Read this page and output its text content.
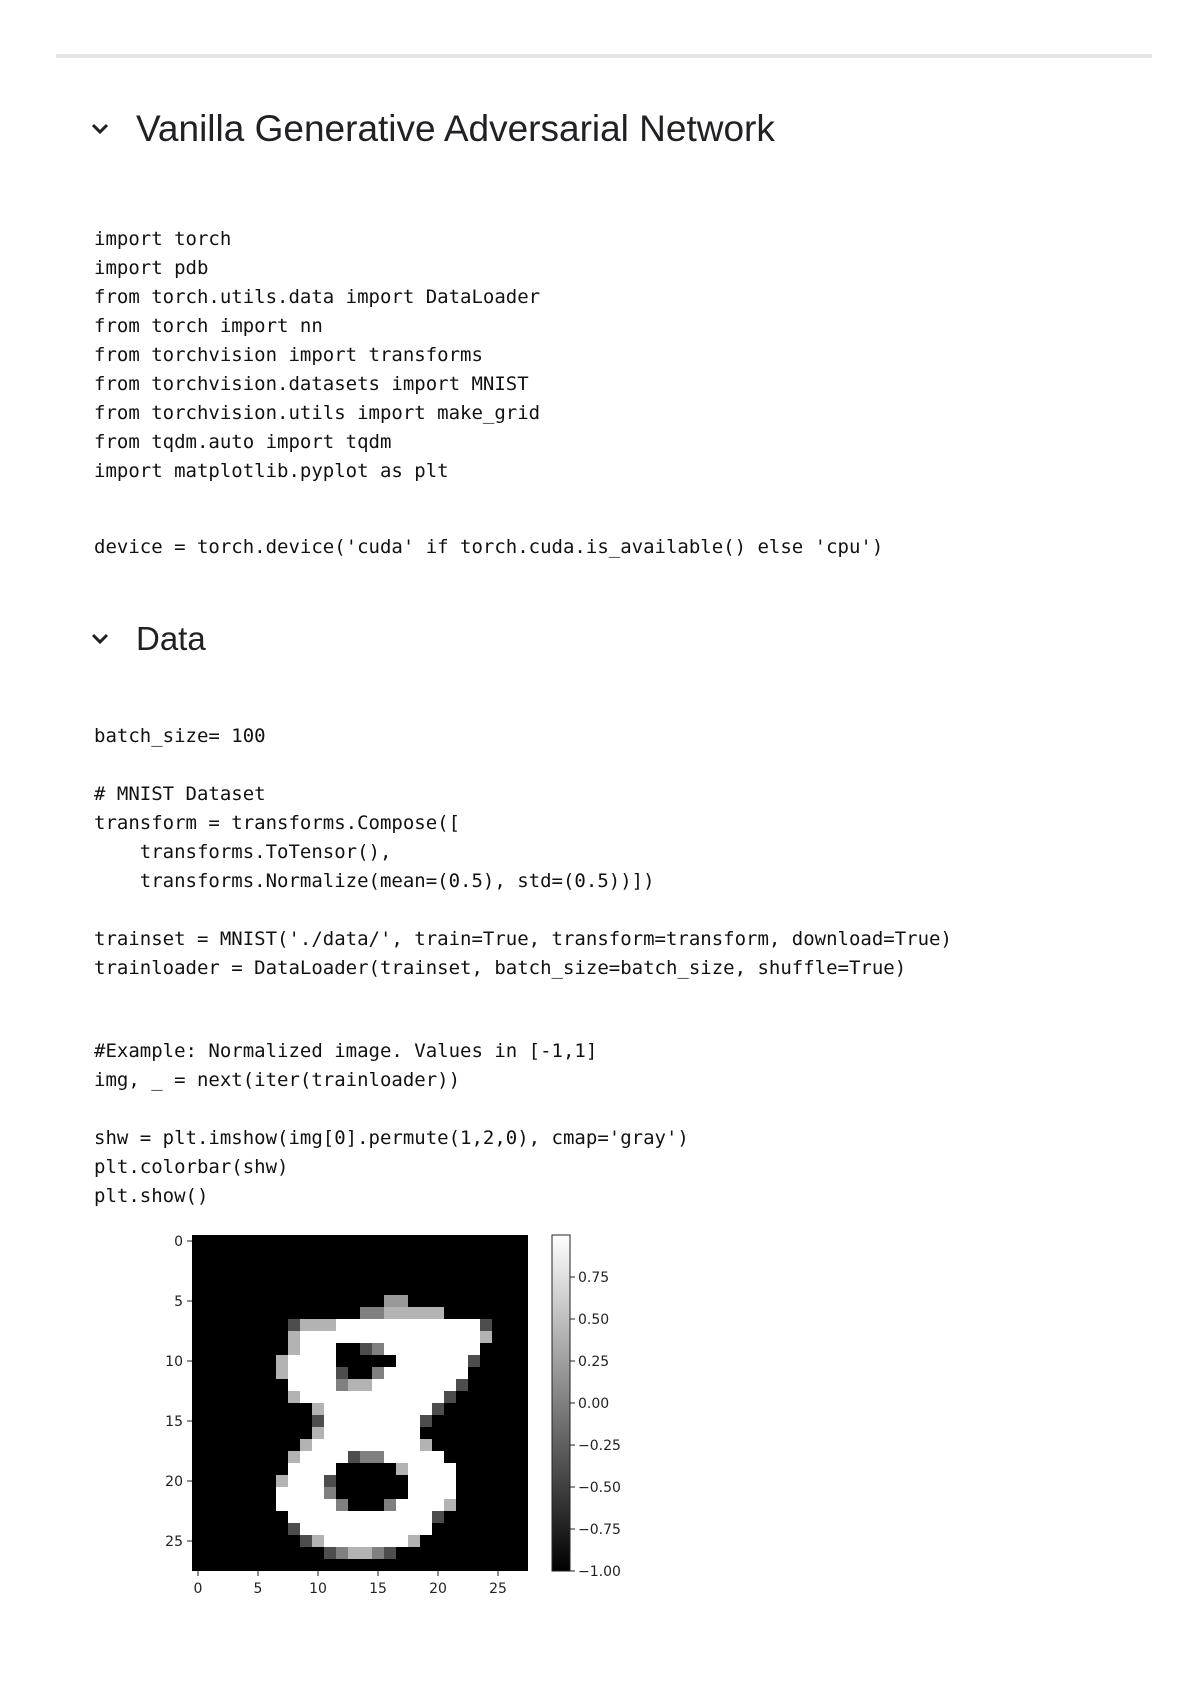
Vanilla Generative Adversarial Network
import torch
import pdb
from torch.utils.data import DataLoader
from torch import nn
from torchvision import transforms
from torchvision.datasets import MNIST
from torchvision.utils import make_grid
from tqdm.auto import tqdm
import matplotlib.pyplot as plt
device = torch.device('cuda' if torch.cuda.is_available() else 'cpu')
Data
batch_size= 100
# MNIST Dataset
transform = transforms.Compose([
transforms.ToTensor(),
transforms.Normalize(mean=(0.5), std=(0.5))])
trainset = MNIST('./data/', train=True, transform=transform, download=True)
trainloader = DataLoader(trainset, batch_size=batch_size, shuffle=True)
#Example: Normalized image. Values in [-1,1]
img, _ = next(iter(trainloader))
shw = plt.imshow(img[0].permute(1,2,0), cmap='gray')
plt.colorbar(shw)
plt.show()
0	5	10	15	20	25
0
5
10
15
20
25
0.75
0.50
0.25
0.00
−0.25
−0.50
−0.75
−1.00
